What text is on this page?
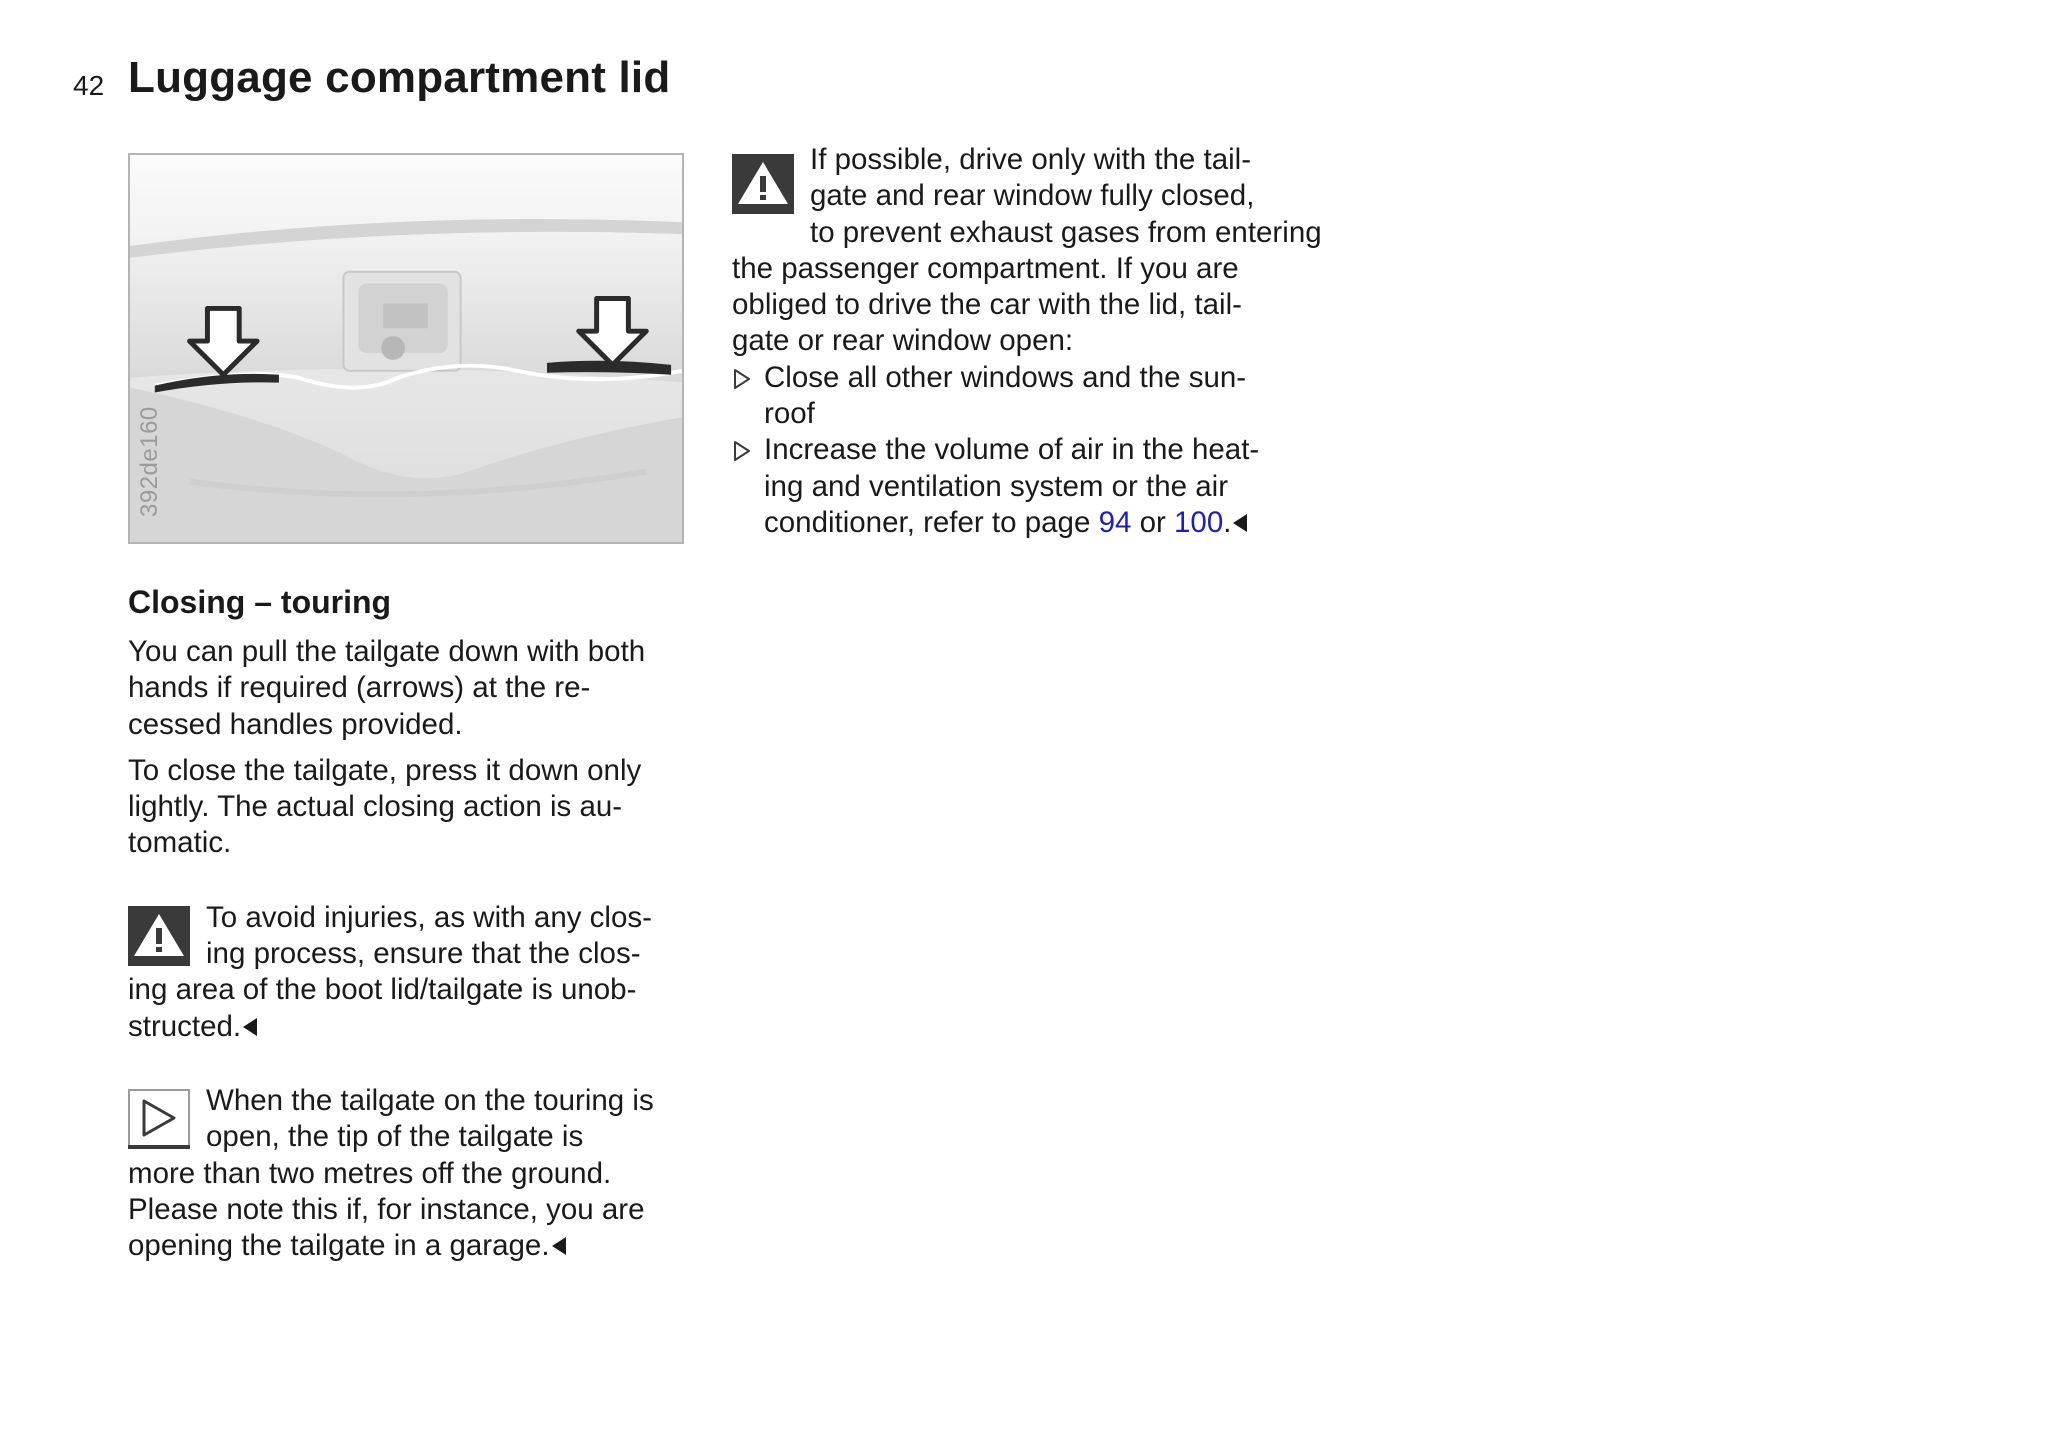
42 Luggage compartment lid
392de160
Closing – touring

You can pull the tailgate down with both
hands if required (arrows) at the re-
cessed handles provided.

To close the tailgate, press it down only
lightly. The actual closing action is au-
tomatic.

To avoid injuries, as with any clos-
ing process, ensure that the clos-
ing area of the boot lid/tailgate is unob-
structed.
When the tailgate on the touring is
open, the tip of the tailgate is
more than two metres off the ground.
Please note this if, for instance, you are
opening the tailgate in a garage.
If possible, drive only with the tail-
gate and rear window fully closed,
to prevent exhaust gases from entering
the passenger compartment. If you are
obliged to drive the car with the lid, tail-
gate or rear window open:
Close all other windows and the sun-
roof
Increase the volume of air in the heat-
ing and ventilation system or the air
conditioner, refer to page 94 or 100.
